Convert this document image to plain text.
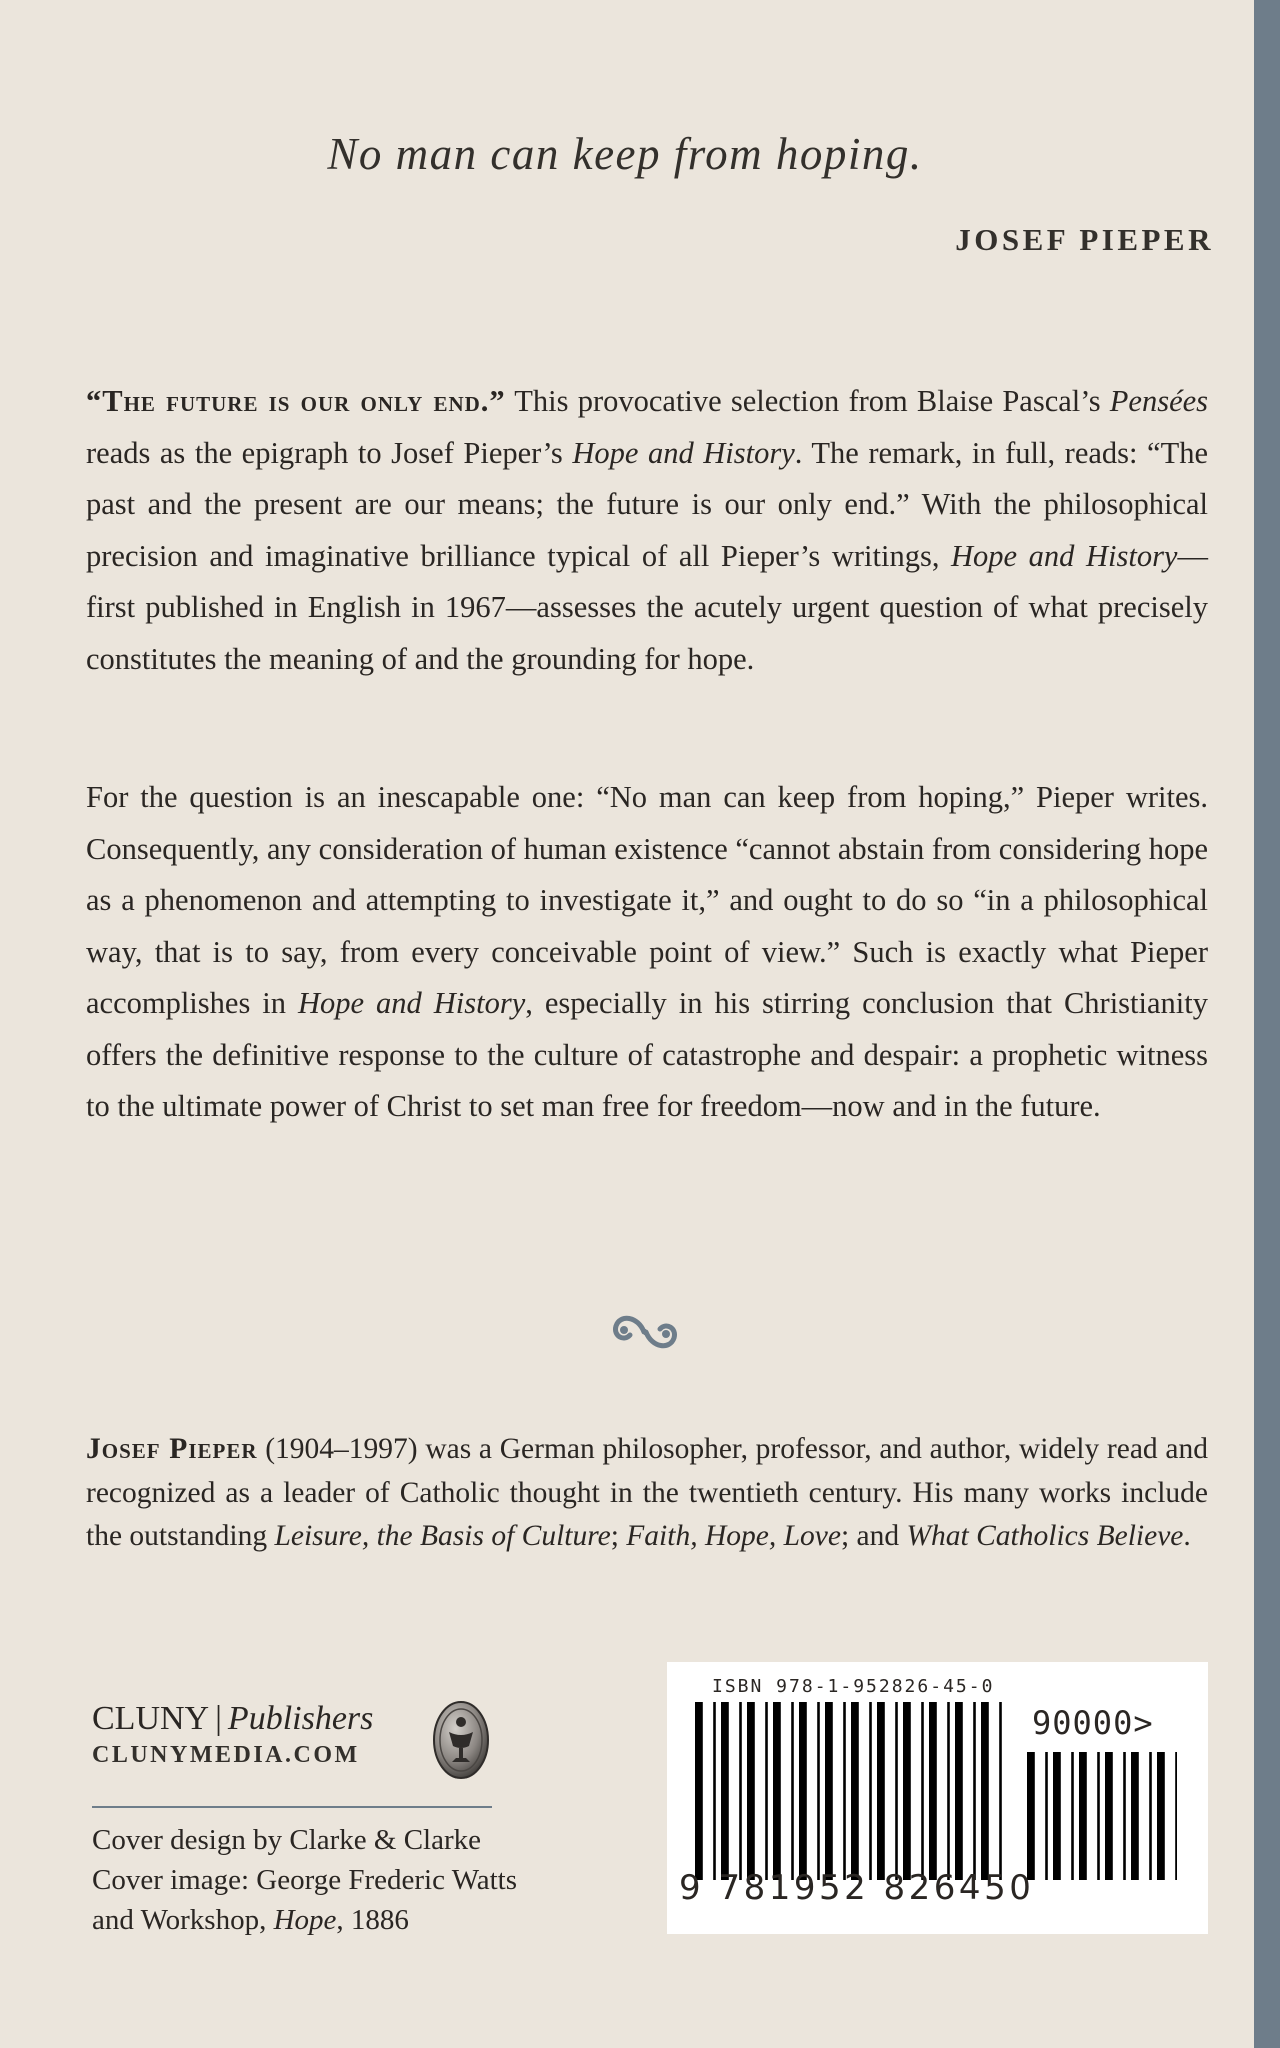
No man can keep from hoping.
JOSEF PIEPER

“The future is our only end.” This provocative selection from Blaise Pascal’s Pensées reads as the epigraph to Josef Pieper’s Hope and History. The remark, in full, reads: “The past and the present are our means; the future is our only end.” With the philosophical precision and imaginative brilliance typical of all Pieper’s writings, Hope and History—first published in English in 1967—assesses the acutely urgent question of what precisely constitutes the meaning of and the grounding for hope.

For the question is an inescapable one: “No man can keep from hoping,” Pieper writes. Consequently, any consideration of human existence “cannot abstain from considering hope as a phenomenon and attempting to investigate it,” and ought to do so “in a philosophical way, that is to say, from every conceivable point of view.” Such is exactly what Pieper accomplishes in Hope and History, especially in his stirring conclusion that Christianity offers the definitive response to the culture of catastrophe and despair: a prophetic witness to the ultimate power of Christ to set man free for freedom—now and in the future.

Josef Pieper (1904–1997) was a German philosopher, professor, and author, widely read and recognized as a leader of Catholic thought in the twentieth century. His many works include the outstanding Leisure, the Basis of Culture; Faith, Hope, Love; and What Catholics Believe.

CLUNY | Publishers
CLUNYMEDIA.COM
Cover design by Clarke & Clarke
Cover image: George Frederic Watts
and Workshop, Hope, 1886
ISBN 978-1-952826-45-0
90000>
9 781952 826450
